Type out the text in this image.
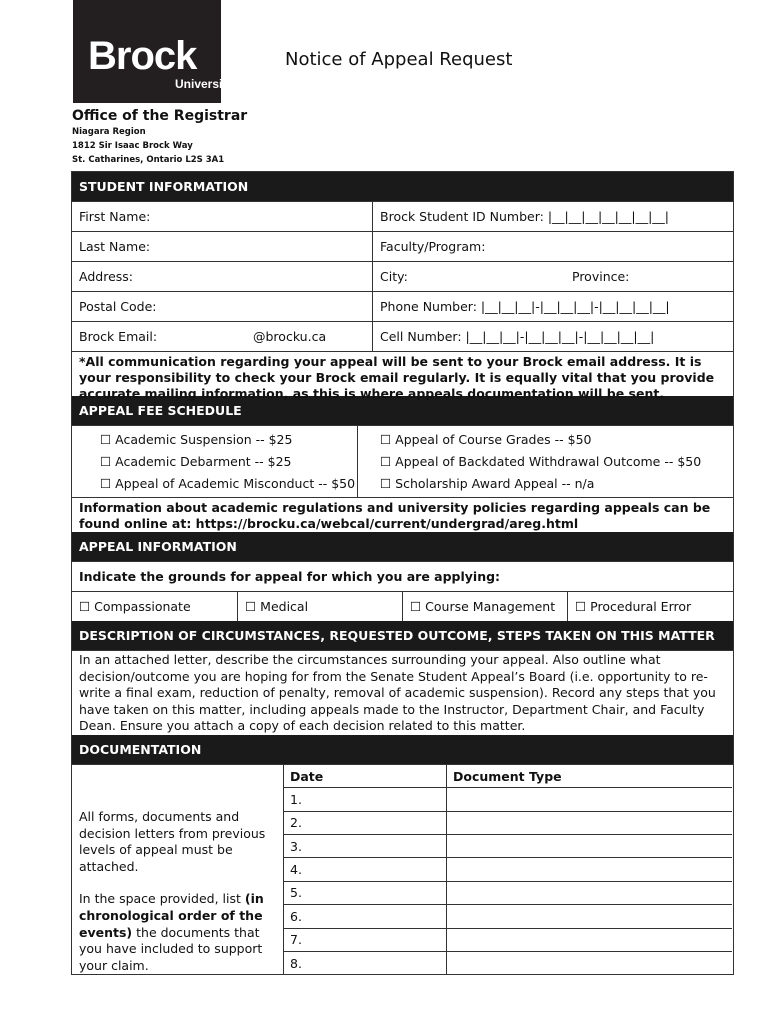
Brock
University
Notice of Appeal Request
Office of the Registrar
Niagara Region
1812 Sir Isaac Brock Way
St. Catharines, Ontario L2S 3A1
STUDENT INFORMATION
First Name:	Brock Student ID Number: |__|__|__|__|__|__|__|
Last Name:	Faculty/Program:
Address:	City:	Province:
Postal Code:	Phone Number: |__|__|__|-|__|__|__|-|__|__|__|__|
Brock Email:	@brocku.ca	Cell Number: |__|__|__|-|__|__|__|-|__|__|__|__|
*All communication regarding your appeal will be sent to your Brock email address. It is your responsibility to check your Brock email regularly. It is equally vital that you provide accurate mailing information, as this is where appeals documentation will be sent.
APPEAL FEE SCHEDULE
☐ Academic Suspension -- $25
☐ Academic Debarment -- $25
☐ Appeal of Academic Misconduct -- $50
☐ Appeal of Course Grades -- $50
☐ Appeal of Backdated Withdrawal Outcome -- $50
☐ Scholarship Award Appeal -- n/a
Information about academic regulations and university policies regarding appeals can be found online at: https://brocku.ca/webcal/current/undergrad/areg.html
APPEAL INFORMATION
Indicate the grounds for appeal for which you are applying:
☐ Compassionate	☐ Medical	☐ Course Management	☐ Procedural Error
DESCRIPTION OF CIRCUMSTANCES, REQUESTED OUTCOME, STEPS TAKEN ON THIS MATTER
In an attached letter, describe the circumstances surrounding your appeal. Also outline what decision/outcome you are hoping for from the Senate Student Appeal’s Board (i.e. opportunity to re-write a final exam, reduction of penalty, removal of academic suspension). Record any steps that you have taken on this matter, including appeals made to the Instructor, Department Chair, and Faculty Dean. Ensure you attach a copy of each decision related to this matter.
DOCUMENTATION
All forms, documents and decision letters from previous levels of appeal must be attached.
In the space provided, list (in chronological order of the events) the documents that you have included to support your claim.
Date	Document Type
1.	
2.	
3.	
4.	
5.	
6.	
7.	
8.	
